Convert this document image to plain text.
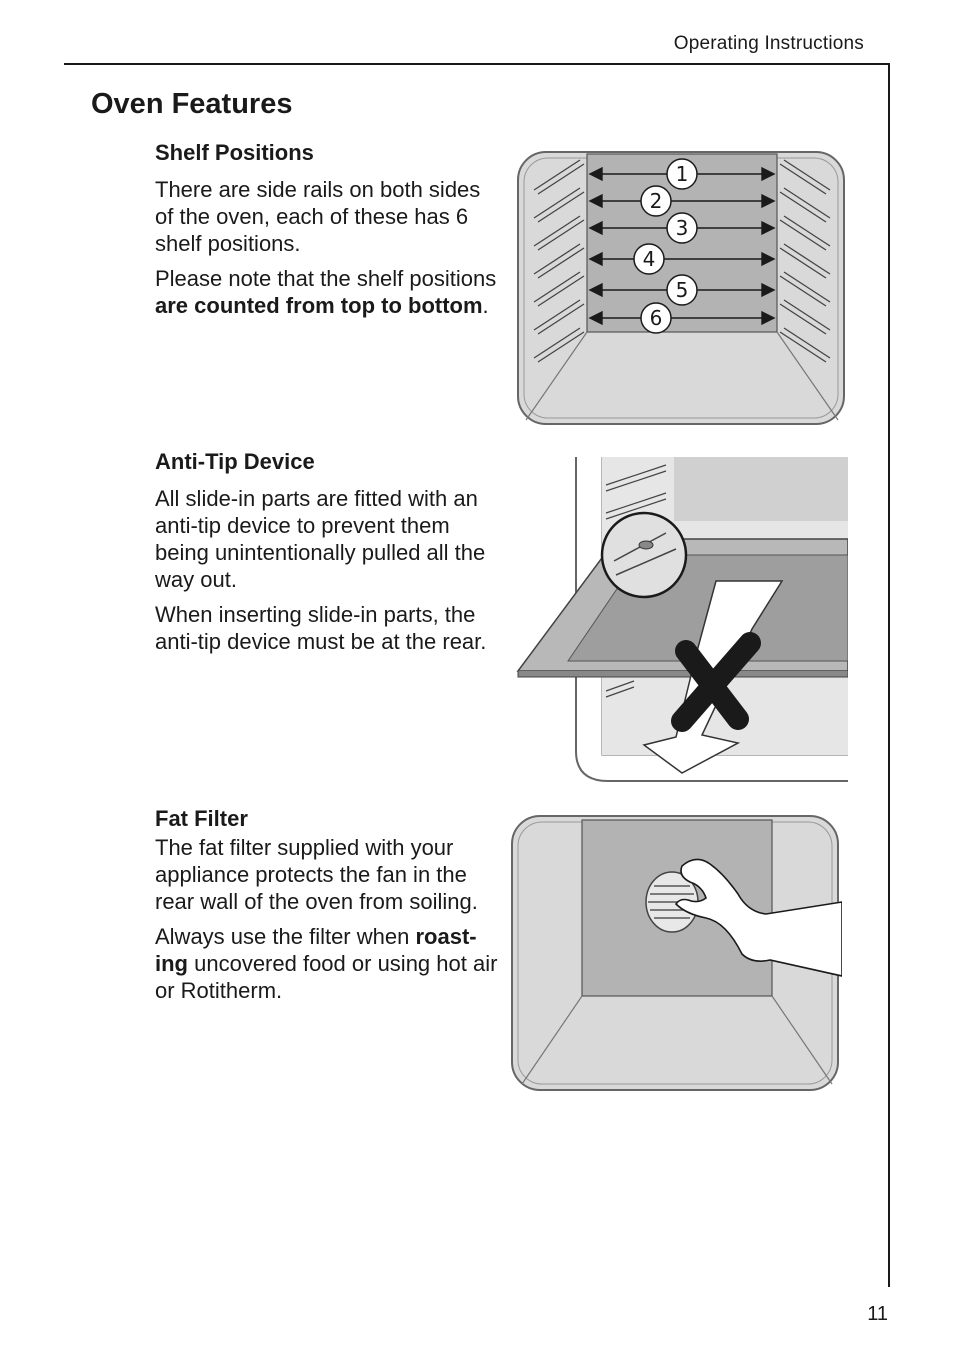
Operating Instructions
Oven Features
Shelf Positions

There are side rails on both sides of the oven, each of these has 6 shelf positions.

Please note that the shelf positions are counted from top to bottom.

1
2
3
4
5
6
Anti-Tip Device

All slide-in parts are fitted with an anti-tip device to prevent them being unintentionally pulled all the way out.

When inserting slide-in parts, the anti-tip device must be at the rear.

Fat Filter

The fat filter supplied with your appliance protects the fan in the rear wall of the oven from soiling.

Always use the filter when roast-ing uncovered food or using hot air or Rotitherm.

11
